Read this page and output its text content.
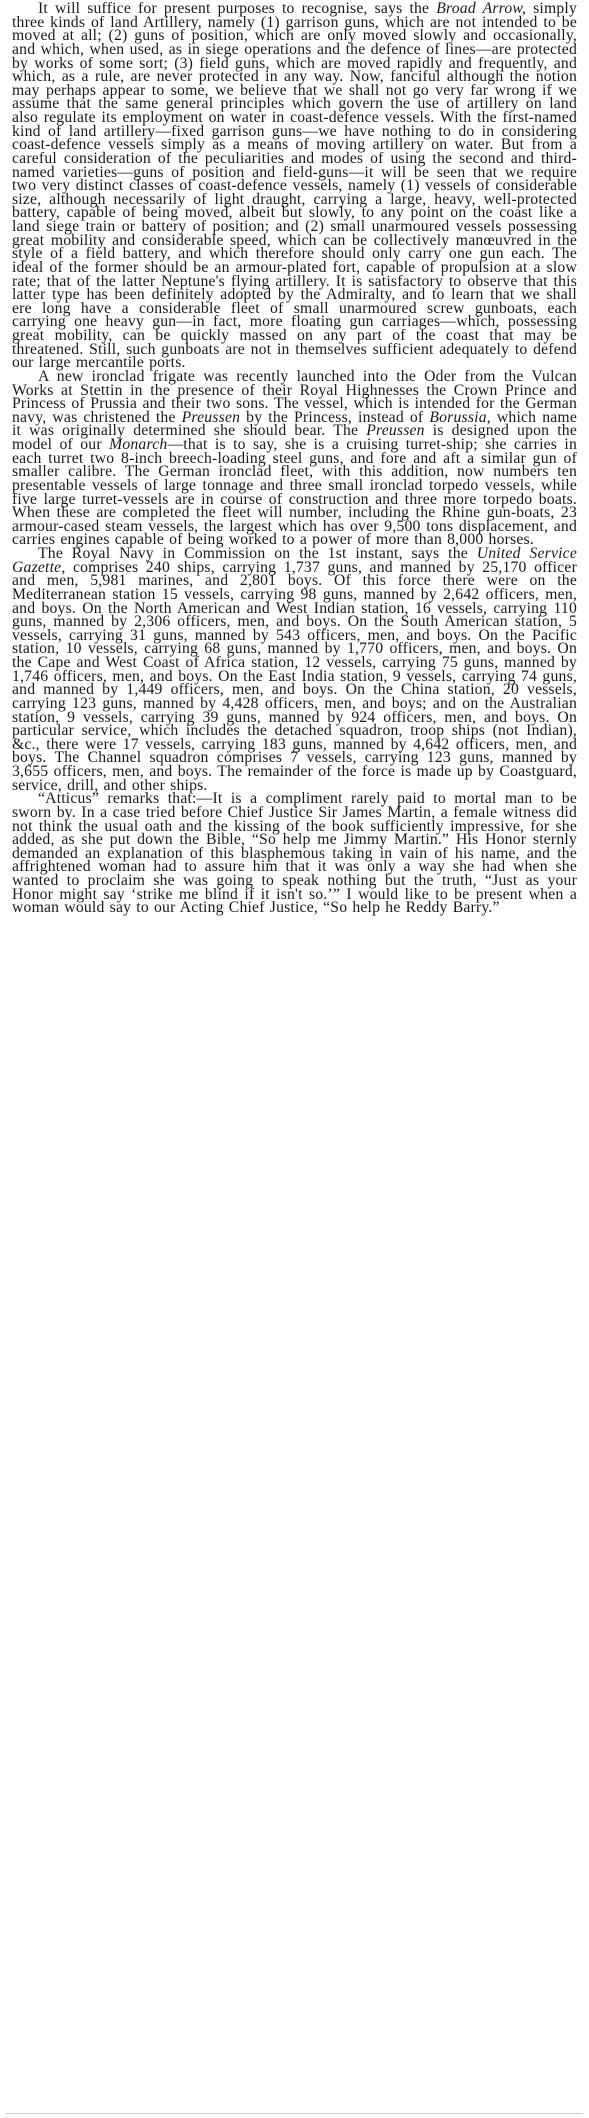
It will suffice for present purposes to recognise, says the Broad Arrow, simply three kinds of land Artillery, namely (1) garrison guns, which are not intended to be moved at all; (2) guns of position, which are only moved slowly and occasionally, and which, when used, as in siege operations and the defence of lines—are protected by works of some sort; (3) field guns, which are moved rapidly and frequently, and which, as a rule, are never protected in any way. Now, fanciful although the notion may perhaps appear to some, we believe that we shall not go very far wrong if we assume that the same general principles which govern the use of artillery on land also regulate its employment on water in coast-defence vessels. With the first-named kind of land artillery—fixed garrison guns—we have nothing to do in considering coast-defence vessels simply as a means of moving artillery on water. But from a careful consideration of the peculiarities and modes of using the second and third-named varieties—guns of position and field-guns—it will be seen that we require two very distinct classes of coast-defence vessels, namely (1) vessels of considerable size, although necessarily of light draught, carrying a large, heavy, well-protected battery, capable of being moved, albeit but slowly, to any point on the coast like a land siege train or battery of position; and (2) small unarmoured vessels possessing great mobility and considerable speed, which can be collectively manœuvred in the style of a field battery, and which therefore should only carry one gun each. The ideal of the former should be an armour-plated fort, capable of propulsion at a slow rate; that of the latter Neptune's flying artillery. It is satisfactory to observe that this latter type has been definitely adopted by the Admiralty, and to learn that we shall ere long have a considerable fleet of small unarmoured screw gunboats, each carrying one heavy gun—in fact, more floating gun carriages—which, possessing great mobility, can be quickly massed on any part of the coast that may be threatened. Still, such gunboats are not in themselves sufficient adequately to defend our large mercantile ports.

A new ironclad frigate was recently launched into the Oder from the Vulcan Works at Stettin in the presence of their Royal Highnesses the Crown Prince and Princess of Prussia and their two sons. The vessel, which is intended for the German navy, was christened the Preussen by the Princess, instead of Borussia, which name it was originally determined she should bear. The Preussen is designed upon the model of our Monarch—that is to say, she is a cruising turret-ship; she carries in each turret two 8-inch breech-loading steel guns, and fore and aft a similar gun of smaller calibre. The German ironclad fleet, with this addition, now numbers ten presentable vessels of large tonnage and three small ironclad torpedo vessels, while five large turret-vessels are in course of construction and three more torpedo boats. When these are completed the fleet will number, including the Rhine gun-boats, 23 armour-cased steam vessels, the largest which has over 9,500 tons displacement, and carries engines capable of being worked to a power of more than 8,000 horses.

The Royal Navy in Commission on the 1st instant, says the United Service Gazette, comprises 240 ships, carrying 1,737 guns, and manned by 25,170 officer and men, 5,981 marines, and 2,801 boys. Of this force there were on the Mediterranean station 15 vessels, carrying 98 guns, manned by 2,642 officers, men, and boys. On the North American and West Indian station, 16 vessels, carrying 110 guns, manned by 2,306 officers, men, and boys. On the South American station, 5 vessels, carrying 31 guns, manned by 543 officers, men, and boys. On the Pacific station, 10 vessels, carrying 68 guns, manned by 1,770 officers, men, and boys. On the Cape and West Coast of Africa station, 12 vessels, carrying 75 guns, manned by 1,746 officers, men, and boys. On the East India station, 9 vessels, carrying 74 guns, and manned by 1,449 officers, men, and boys. On the China station, 20 vessels, carrying 123 guns, manned by 4,428 officers, men, and boys; and on the Australian station, 9 vessels, carrying 39 guns, manned by 924 officers, men, and boys. On particular service, which includes the detached squadron, troop ships (not Indian), &c., there were 17 vessels, carrying 183 guns, manned by 4,642 officers, men, and boys. The Channel squadron comprises 7 vessels, carrying 123 guns, manned by 3,655 officers, men, and boys. The remainder of the force is made up by Coastguard, service, drill, and other ships.

“Atticus” remarks that:—It is a compliment rarely paid to mortal man to be sworn by. In a case tried before Chief Justice Sir James Martin, a female witness did not think the usual oath and the kissing of the book sufficiently impressive, for she added, as she put down the Bible, “So help me Jimmy Martin.” His Honor sternly demanded an explanation of this blasphemous taking in vain of his name, and the affrightened woman had to assure him that it was only a way she had when she wanted to proclaim she was going to speak nothing but the truth, “Just as your Honor might say ‘strike me blind if it isn't so.’” I would like to be present when a woman would say to our Acting Chief Justice, “So help he Reddy Barry.”
